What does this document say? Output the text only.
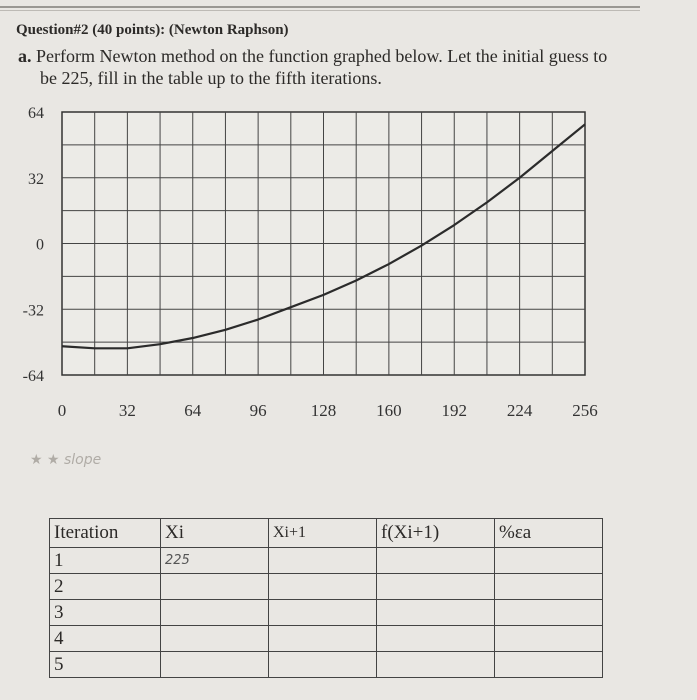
Question#2 (40 points): (Newton Raphson)
a. Perform Newton method on the function graphed below. Let the initial guess to
be 225, fill in the table up to the fifth iterations.
64
32
0
-32
-64
0	32	64	96	128 160 192 224 256
★ ★ slope
Iteration	Xi	Xi+1	f(Xi+1)	%εa
1	225			
2				
3				
4				
5				
